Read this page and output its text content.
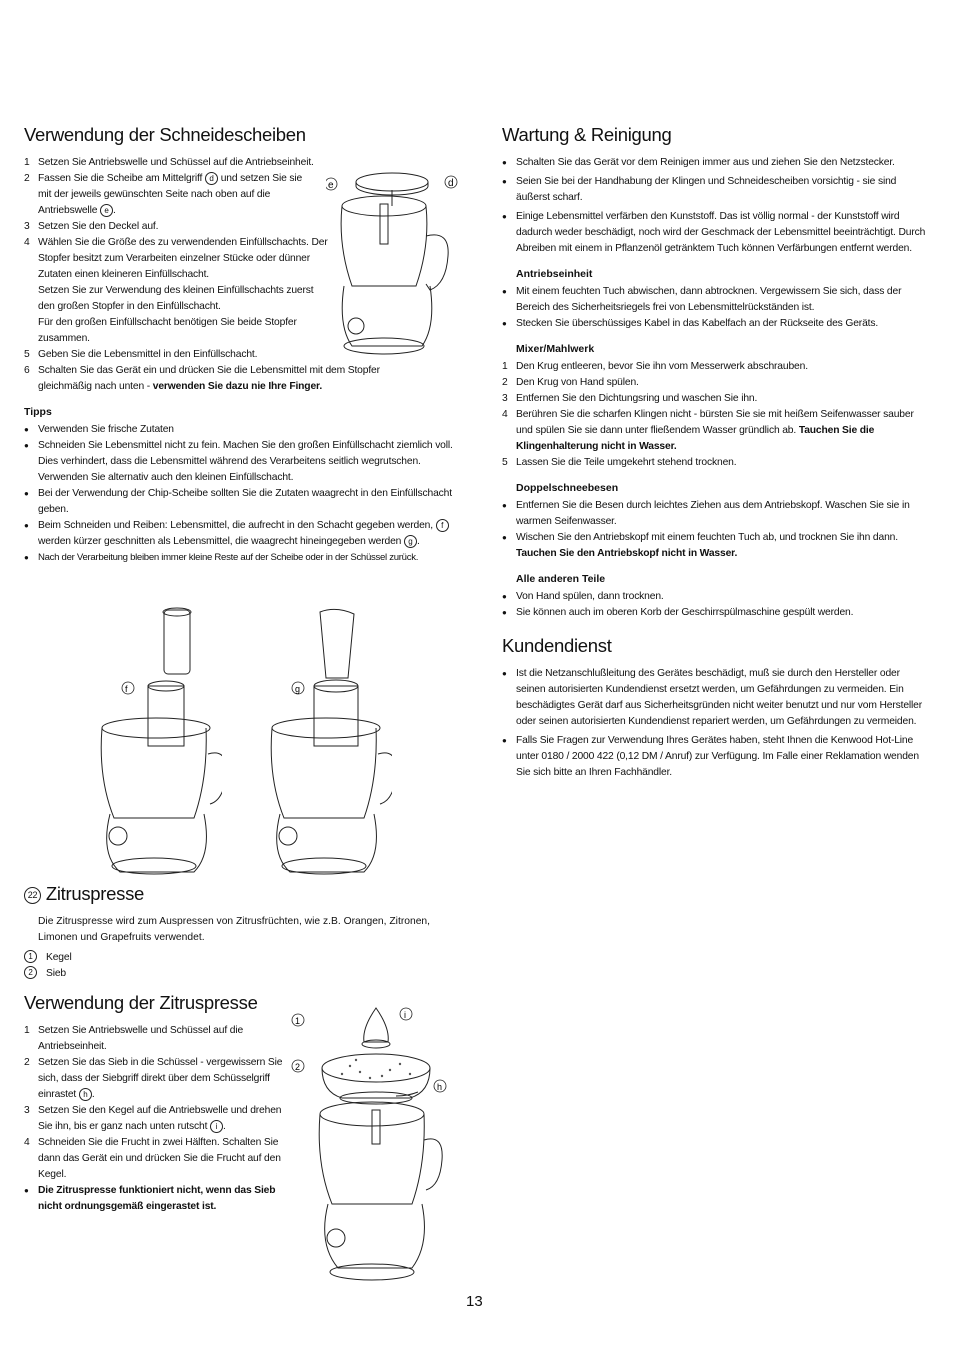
Verwendung der Schneidescheiben
1 Setzen Sie Antriebswelle und Schüssel auf die Antriebseinheit.
2 Fassen Sie die Scheibe am Mittelgriff d und setzen Sie sie mit der jeweils gewünschten Seite nach oben auf die Antriebswelle e .
3 Setzen Sie den Deckel auf.
4 Wählen Sie die Größe des zu verwendenden Einfüllschachts. Der Stopfer besitzt zum Verarbeiten einzelner Stücke oder dünner Zutaten einen kleineren Einfüllschacht.
Setzen Sie zur Verwendung des kleinen Einfüllschachts zuerst den großen Stopfer in den Einfüllschacht.
Für den großen Einfüllschacht benötigen Sie beide Stopfer zusammen.
5 Geben Sie die Lebensmittel in den Einfüllschacht.
6 Schalten Sie das Gerät ein und drücken Sie die Lebensmittel mit dem Stopfer gleichmäßig nach unten - verwenden Sie dazu nie Ihre Finger.
Tipps
● Verwenden Sie frische Zutaten
● Schneiden Sie Lebensmittel nicht zu fein. Machen Sie den großen Einfüllschacht ziemlich voll. Dies verhindert, dass die Lebensmittel während des Verarbeitens seitlich wegrutschen. Verwenden Sie alternativ auch den kleinen Einfüllschacht.
● Bei der Verwendung der Chip-Scheibe sollten Sie die Zutaten waagrecht in den Einfüllschacht geben.
● Beim Schneiden und Reiben: Lebensmittel, die aufrecht in den Schacht gegeben werden, f werden kürzer geschnitten als Lebensmittel, die waagrecht hineingegeben werden g .
● Nach der Verarbeitung bleiben immer kleine Reste auf der Scheibe oder in der Schüssel zurück.
e	d
f	g
22 Zitruspresse

Die Zitruspresse wird zum Auspressen von Zitrusfrüchten, wie z.B. Orangen, Zitronen, Limonen und Grapefruits verwendet.

1	Kegel
2	Sieb
Verwendung der Zitruspresse
1 Setzen Sie Antriebswelle und Schüssel auf die Antriebseinheit.
2 Setzen Sie das Sieb in die Schüssel - vergewissern Sie sich, dass der Siebgriff direkt über dem Schüsselgriff einrastet h .
3 Setzen Sie den Kegel auf die Antriebswelle und drehen Sie ihn, bis er ganz nach unten rutscht i .
4 Schneiden Sie die Frucht in zwei Hälften. Schalten Sie dann das Gerät ein und drücken Sie die Frucht auf den Kegel.
● Die Zitruspresse funktioniert nicht, wenn das Sieb nicht ordnungsgemäß eingerastet ist.
1
i
2
h
Wartung & Reinigung
● Schalten Sie das Gerät vor dem Reinigen immer aus und ziehen Sie den Netzstecker.
● Seien Sie bei der Handhabung der Klingen und Schneidescheiben vorsichtig - sie sind äußerst scharf.
● Einige Lebensmittel verfärben den Kunststoff. Das ist völlig normal - der Kunststoff wird dadurch weder beschädigt, noch wird der Geschmack der Lebensmittel beeinträchtigt. Durch Abreiben mit einem in Pflanzenöl getränktem Tuch können Verfärbungen entfernt werden.
Antriebseinheit
● Mit einem feuchten Tuch abwischen, dann abtrocknen. Vergewissern Sie sich, dass der Bereich des Sicherheitsriegels frei von Lebensmittelrückständen ist.
● Stecken Sie überschüssiges Kabel in das Kabelfach an der Rückseite des Geräts.
Mixer/Mahlwerk
1 Den Krug entleeren, bevor Sie ihn vom Messerwerk abschrauben.
2 Den Krug von Hand spülen.
3 Entfernen Sie den Dichtungsring und waschen Sie ihn.
4 Berühren Sie die scharfen Klingen nicht - bürsten Sie sie mit heißem Seifenwasser sauber und spülen Sie sie dann unter fließendem Wasser gründlich ab. Tauchen Sie die Klingenhalterung nicht in Wasser.
5 Lassen Sie die Teile umgekehrt stehend trocknen.
Doppelschneebesen
● Entfernen Sie die Besen durch leichtes Ziehen aus dem Antriebskopf. Waschen Sie sie in warmen Seifenwasser.
● Wischen Sie den Antriebskopf mit einem feuchten Tuch ab, und trocknen Sie ihn dann. Tauchen Sie den Antriebskopf nicht in Wasser.
Alle anderen Teile
● Von Hand spülen, dann trocknen.
● Sie können auch im oberen Korb der Geschirrspülmaschine gespült werden.
Kundendienst
● Ist die Netzanschlußleitung des Gerätes beschädigt, muß sie durch den Hersteller oder seinen autorisierten Kundendienst ersetzt werden, um Gefährdungen zu vermeiden. Ein beschädigtes Gerät darf aus Sicherheitsgründen nicht weiter benutzt und nur vom Hersteller oder seinen autorisierten Kundendienst repariert werden, um Gefährdungen zu vermeiden.
● Falls Sie Fragen zur Verwendung Ihres Gerätes haben, steht Ihnen die Kenwood Hot-Line unter 0180 / 2000 422 (0,12 DM / Anruf) zur Verfügung. Im Falle einer Reklamation wenden Sie sich bitte an Ihren Fachhändler.
13
